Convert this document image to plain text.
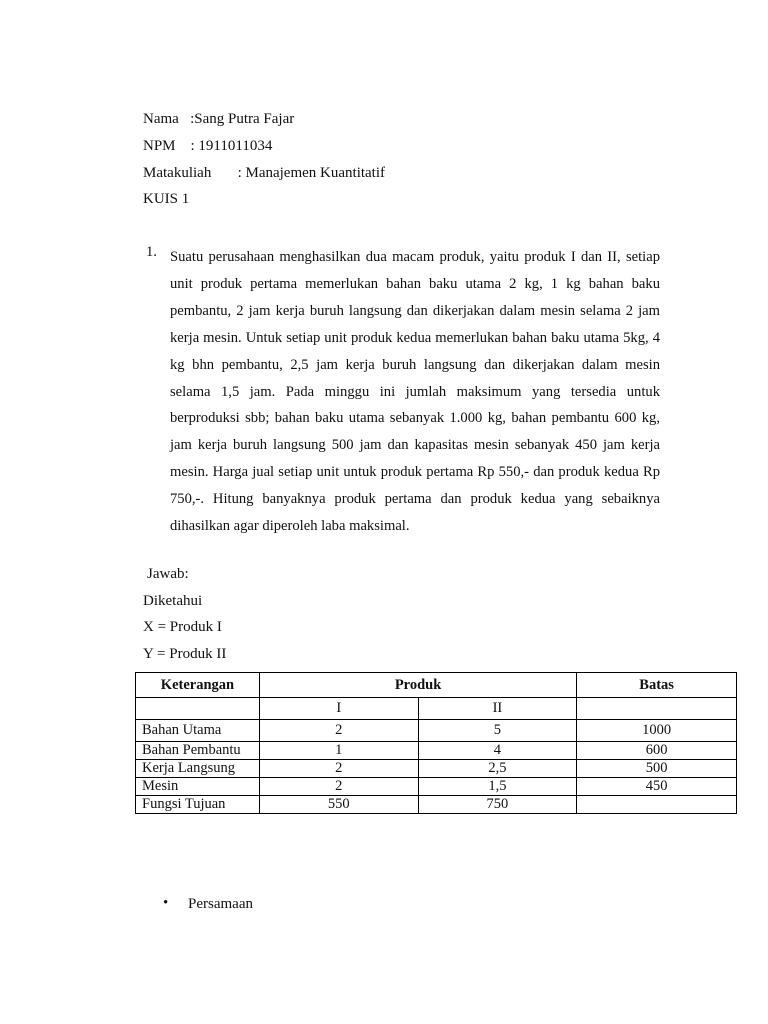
Nama   :Sang Putra Fajar
NPM    : 1911011034
Matakuliah       : Manajemen Kuantitatif
KUIS 1
1. Suatu perusahaan menghasilkan dua macam produk, yaitu produk I dan II, setiap unit produk pertama memerlukan bahan baku utama 2 kg, 1 kg bahan baku pembantu, 2 jam kerja buruh langsung dan dikerjakan dalam mesin selama 2 jam kerja mesin. Untuk setiap unit produk kedua memerlukan bahan baku utama 5kg, 4 kg bhn pembantu, 2,5 jam kerja buruh langsung dan dikerjakan dalam mesin selama 1,5 jam. Pada minggu ini jumlah maksimum yang tersedia untuk berproduksi sbb; bahan baku utama sebanyak 1.000 kg, bahan pembantu 600 kg, jam kerja buruh langsung 500 jam dan kapasitas mesin sebanyak 450 jam kerja mesin. Harga jual setiap unit untuk produk pertama Rp 550,- dan produk kedua Rp 750,-. Hitung banyaknya produk pertama dan produk kedua yang sebaiknya dihasilkan agar diperoleh laba maksimal.
Jawab:
Diketahui
X = Produk I
Y = Produk II
Keterangan	Produk		Batas
	I	II	
Bahan Utama	2	5	1000
Bahan Pembantu	1	4	600
Kerja Langsung	2	2,5	500
Mesin	2	1,5	450
Fungsi Tujuan	550	750	
• Persamaan
